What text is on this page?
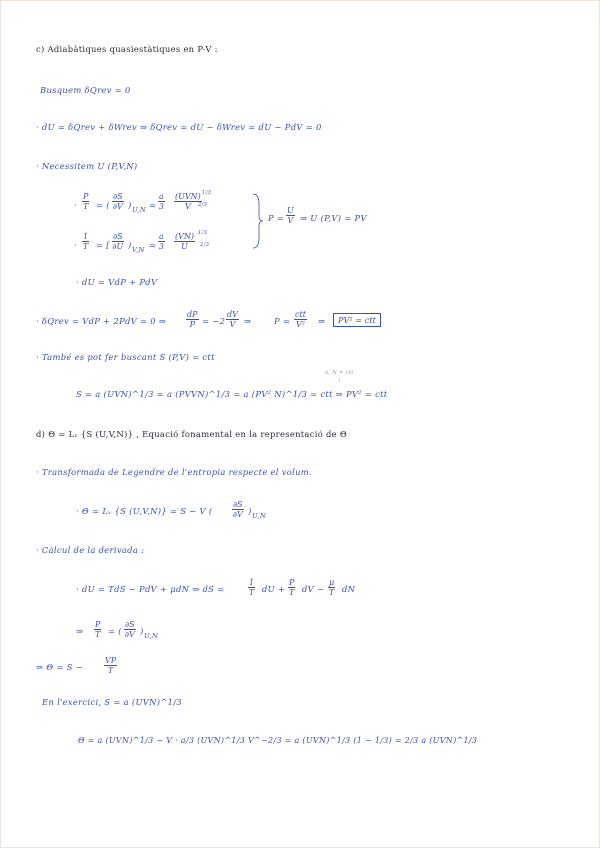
c) Adiabàtiques quasiestàtiques en P-V :
Busquem δQrev = 0
· dU = δQrev + δWrev ⇒ δQrev = dU − δWrev = dU − PdV = 0
· Necessitem U (P,V,N)
· $\frac{P}{T}$ = ( $\frac{\partial S}{\partial V}$ ) $U,N = \frac{a}{3} (UVN)$
V
1/3
2/3
· $\frac{1}{T}$ = [ $\frac{\partial S}{\partial U}$ ) $V,N = \frac{a}{3} \frac{(VN)}{U} 1/3$
2/3
$P = \frac{U}{V}$ ⇒ U (P,V) = PV
· dU = VdP + PdV
· δQrev = VdP + 2PdV = 0 ⇒ $\frac{dP}{P} = -2 \frac{dV}{V}$ ⇒	P =
ctt
V² ⇒	PV² = ctt
· També es pot fer buscant S (P,V) = ctt
a, N = ctt
↓
S = a (UVN)^1/3 = a (PVVN)^1/3 = a (PV² N)^1/3 = ctt ⇒ PV² = ctt
d) Θ = Lᵥ {S (U,V,N)} , Equació fonamental en la representació de Θ
· Transformada de Legendre de l'entropia respecte el volum.
· Θ = Lᵥ {S (U,V,N)} = S − V ( $\frac{\partial S}{\partial V}$ ) U,N
· Càlcul de la derivada :
· dU = TdS − PdV + μdN ⇒ dS =	$\frac{1}{T}$ dU + $\frac{P}{T}$ dV − $\frac{\mu}{T}$ dN
⇒ $\frac{P}{T}$ = ( $\frac{\partial S}{\partial V}$ ) U,N
⇒ Θ = S −	$\frac{VP}{T}$
En l'exercici, S = a (UVN)^1/3
Θ = a (UVN)^1/3 − V · a/3 (UVN)^1/3 V^−2/3 = a (UVN)^1/3 (1 − 1/3) = 2/3 a (UVN)^1/3
